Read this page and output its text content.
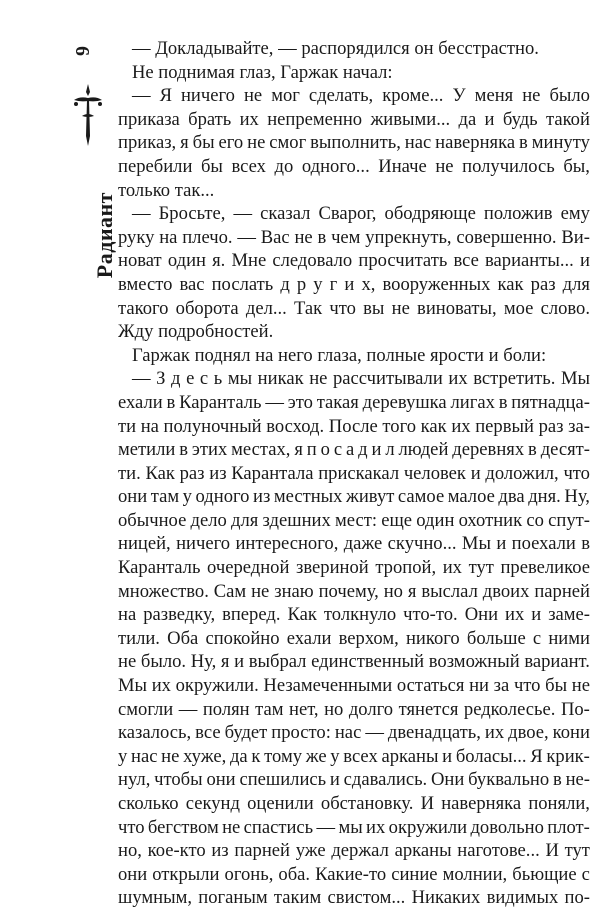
6
Радиант
— Докладывайте, — распорядился он бесстрастно.
Не поднимая глаз, Гаржак начал:
— Я ничего не мог сделать, кроме... У меня не было
приказа брать их непременно живыми... да и будь такой
приказ, я бы его не смог выполнить, нас наверняка в минуту
перебили бы всех до одного... Иначе не получилось бы,
только так...
— Бросьте, — сказал Сварог, ободряюще положив ему
руку на плечо. — Вас не в чем упрекнуть, совершенно. Ви-
новат один я. Мне следовало просчитать все варианты... и
вместо вас послать д р у г и х, вооруженных как раз для
такого оборота дел... Так что вы не виноваты, мое слово.
Жду подробностей.
Гаржак поднял на него глаза, полные ярости и боли:
— З д е с ь мы никак не рассчитывали их встретить. Мы
ехали в Каранталь — это такая деревушка лигах в пятнадца-
ти на полуночный восход. После того как их первый раз за-
метили в этих местах, я п о с а д и л людей деревнях в десят-
ти. Как раз из Карантала прискакал человек и доложил, что
они там у одного из местных живут самое малое два дня. Ну,
обычное дело для здешних мест: еще один охотник со спут-
ницей, ничего интересного, даже скучно... Мы и поехали в
Каранталь очередной звериной тропой, их тут превеликое
множество. Сам не знаю почему, но я выслал двоих парней
на разведку, вперед. Как толкнуло что-то. Они их и заме-
тили. Оба спокойно ехали верхом, никого больше с ними
не было. Ну, я и выбрал единственный возможный вариант.
Мы их окружили. Незамеченными остаться ни за что бы не
смогли — полян там нет, но долго тянется редколесье. По-
казалось, все будет просто: нас — двенадцать, их двое, кони
у нас не хуже, да к тому же у всех арканы и боласы... Я крик-
нул, чтобы они спешились и сдавались. Они буквально в не-
сколько секунд оценили обстановку. И наверняка поняли,
что бегством не спастись — мы их окружили довольно плот-
но, кое-кто из парней уже держал арканы наготове... И тут
они открыли огонь, оба. Какие-то синие молнии, бьющие с
шумным, поганым таким свистом... Никаких видимых по-
